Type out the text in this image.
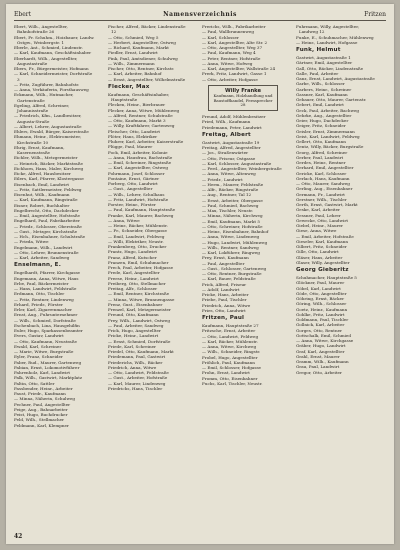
Ebert	Namensverzeichnis	Fritzen
Ebert, Wilh., Angestellter, Bahnhofstraße 26
Ebert, Fr. Schuhm., Hoizbauer, Landw. Ostgw., Weinbergstr. 1
Eberle, Ant., Schmied, Lindenstr.
— Karl, Kaufmann, Geschäftsinhaber
Eberhardt, Wilh., Angestellter, Augustastraße
Ebers, Fr., Bürgermeister, Hofmann
— Karl, Schneidermeister, Dorfstraße 3
— Fritz, Zugführer, Bahnhofstr.
— Anna, Verkäuferin, Forsthausweg
Eckmann, Wilh., Hutmacher, Gartenstraße
Egeling, Alfred, Schreiner, Johannisstraße
— Friedrich, Kfm., Landbesitzer, Augusta-Straße
— Albert, Lehrer, Augustastraße
Ehlers, Ewald, Bürger, Kaiserstraße
Ehmann, Heinr., Elektromeister, Kirchstraße 10
Ehrig, Ernst, Kaufmann, Kasernenstraße
Eichler, Wilh., Metzgermeister
— Heinrich, Bäcker, Marktstraße
Eichhorn, Hans, Maler, Kirchweg
Eicke, Alfred, Hausbesitzer
Eilers, Karl, Pfarrer, Klostergasse
Eisenbach, Emil, Landwirt
— Fritz, Sattlermeister, Feldweg
Eisenhut, Wilh., Kaufmann
— Karl, Kaufmann, Ringstraße
Eisner, Robert, Buchhalter
Engelbrecht, Otto, Dachdecker
— Emil, Angestellter, Hofstraße
Engelhard, Paul, Fabrikarbeiter
— Friedr., Schlosser, Oberstraße
— Gust., Metzger, Kirchstraße
— Hch., Eisenbahner, Schulstraße
— Frieda, Witwe
Engelmann, Wilh., Landwirt
— Otto, Lehrer, Brunnenstraße
— Karl, Arbeiter, Sandweg
Enselmann, E.
Engelhardt, Pfarrer, Kirchgasse
Engemann, Anna, Witwe, Haus
Erbe, Paul, Bäckermeister
— Hans, Landwirt, Feldstraße
Erdmann, Otto, Tischler
— Fritz, Rentner, Lindenweg
Erhard, Friedr., Förster
Erler, Karl, Zigarrenmacher
Ernst, Aug., Fuhrunternehmer
— Wilh., Schmied, Dorfstraße
Eschenbach, Lina, Hausgehilfin
Euler, Hugo, Sparkassenbeamter
Evers, Gustav, Landwirt
— Otto, Kaufmann, Neustraße
Ewald, Karl, Schreiner
— Marie, Witwe, Burgstraße
Eyler, Franz, Schneider
Faber, Rud., Maurer, Gartenweg
Fabian, Ernst, Lokomotivführer
Fahrenholz, Karl, Landwirt
Falk, Wilh., Gastwirt, Marktplatz
Faltin, Otto, Sattler
Fassbender, Heinr., Arbeiter
Faust, Friedr., Kaufmann
— Minna, Näherin, Schulweg
Fechner, Paul, Angestellter
Feige, Aug., Bahnarbeiter
Feist, Hugo, Buchdrucker
Feld, Wilh., Stellmacher
Feldmann, Karl, Klempner
Fischer, Alfred, Bäcker, Lindenstraße 12
— Otto, Schmied, Weg 5
— Herbert, Angestellter, Ostweg
— Richard, Kaufmann, Markt
Fiedler, Ernst, Landwirt
Fink, Paul, Amtsdiener, Schulweg
— Wilh., Zimmermann
Fischer, Otto, Rentner, Kirchstr.
— Karl, Arbeiter, Bahnhof
— Ernst, Angestellter, Wilhelmstraße
Flecker, Max
Kaufmann, Geschäftsinhaber, Hauptstraße
Flecken, Heinr., Bierbrauer
Flecker, Anna, Witwe, Mühlenweg
— Alfred, Rentner, Schulstraße
— Otto, Kaufmann, Markt 3
— Willy, Kraftfahrer, Gartenweg
Fleischer, Otto, Landwirt
Flöter, Hans, Elektriker
Fluhrer, Karl, Arbeiter, Kaiserstraße
Flügge, Paul, Maurer
Fock, Emil, Arbeiter, Kolonie
— Anna, Hausfrau, Bachstraße
— Emil, Schreiner, Ringstraße
— Karl, Angestellter, Ostweg
Fohrmann, Josef, Schlosser
Fontaine, Ernst, Gärtner
Forberg, Otto, Landwirt
— Gust., Angestellter
— Wilh., Lehrer, Schulhaus
— Fritz, Landwirt, Hofstraße
Forster, Heinr., Förster
— Paul, Kaufmann, Hauptstraße
Franke, Karl, Maurer, Bachweg
— Anna, Witwe
— Heinr., Bäcker, Mühlenstr.
— Fr., Schneider, Obergasse
— Emil, Landwirt, Feldweg
— Willi, Elektriker, Neustr.
Frankenberg, Otto, Drucker
Frantz, Hugo, Landwirt
Franz, Alfred, Kutscher
Franzen, Emil, Schuhmacher
Frech, Paul, Arbeiter, Hofgasse
Frede, Karl, Angestellter
Freese, Heinr., Landwirt
Freiberg, Otto, Stellmacher
Freitag, Alfr., Schlosser
— Emil, Rentner, Kirchstraße
— Minna, Witwe, Brunnengasse
Frenz, Gust., Eisenbahner
Frenzel, Karl, Metzgermeister
Freund, Otto, Kaufmann
Frey, Wilh., Landwirt, Ostweg
— Paul, Arbeiter, Sandweg
Frick, Hugo, Angestellter
Fricke, Heinr., Landwirt
— Ernst, Schmied, Dorfstraße
Friede, Karl, Schreiner
Friedel, Otto, Kaufmann, Markt
Friedemann, Paul, Gastwirt
Friederichs, Wilh., Bäcker
Friedrich, Anna, Witwe
— Otto, Landwirt, Feldstraße
— Gust., Arbeiter, Hofstraße
— Karl, Maurer, Lindenweg
Friedrichs, Hans, Tischler
Frerichs, Wilh., Fabrikarbeiter
— Paul, Wallbrunnenweg
— Karl, Schlosser
— Karl, Angestellter, Alte Str. 2
— Otto, Angestellter, Weg 37
— Paul, Kaufmann, Weg 4
— Peter, Rentner, Hofstraße
— Anna, Witwe, Hofweg
— Karl, Angestellter, Wallstraße 24
Frerk, Fritz, Landwirt, Gasse 1
— Otto, Arbeiter, Hofgasse
Willy Franke
Kaufmann, Holzhandlung und Baustoffhandel, Fernsprecher 28
Freund, Adolf, Mühlenbesitzer
Fried, Wilh., Kaufmann
Friedemann, Peter, Landwirt
Freitag, Albert
Gastwirt, Augustastraße 19
Freitag, Alfred, Angestellter
— Jos., Straßenwärter
— Otto, Friseur, Ostgasse
— Karl, Schlosser, Augustastraße
— Ferd., Angestellter, Weinbergstraße
— Anna, Witwe, Altenweg
— Friedr., Landwirt
— Herm., Maurer, Feldstraße
— Alfr., Bäcker, Ringstraße
— Aug., Rentner, Tal 12
— Ernst, Arbeiter, Obergasse
— Paul, Schmied, Bachweg
— Max, Tischler, Neustr.
— Minna, Näherin, Kirchweg
— Emil, Kaufmann, Markt 5
— Otto, Schreiner, Hofstraße
— Heinr., Eisenbahner, Bahnhof
— Anna, Witwe, Lindenweg
— Hugo, Landwirt, Mühlenweg
— Wilh., Rentner, Sandweg
— Karl, Lokführer, Ringweg
Frey, Ernst, Kaufmann
— Paul, Angestellter
— Gust., Schlosser, Gartenweg
— Otto, Rentner, Burgstraße
— Karl, Bauer, Feldstraße
Frick, Alfred, Friseur
— Adolf, Landwirt
Fricke, Hans, Arbeiter
Friebe, Paul, Tischler
Friedrich, Anna, Witwe
Fries, Otto, Landwirt
Fritzen, Paul
Kaufmann, Hauptstraße 27
Fritzsche, Ernst, Arbeiter
— Otto, Landwirt, Feldweg
— Karl, Bäcker, Mühlenstr.
— Anna, Witwe, Kirchweg
— Wilh., Schneider, Ringstr.
Frobel, Hugo, Angestellter
Fröhlich, Paul, Kaufmann
— Emil, Schlosser, Hofgasse
Frohn, Ernst, Landwirt
Fromm, Otto, Eisenbahner
Fuchs, Karl, Tischler, Neustr.
Fuhrmann, Willy, Angestellter, Landweg 12
Funke, E., Schuhmacher, Mühlenweg
— Heinr., Landwirt, Hofgasse
Funk, Helmut
Gastwirt, Augustastraße 1
Gärtner, Emil, Angestellter
Gall, Otto, Bäcker, Lindenstraße
Galle, Paul, Arbeiter
Ganz, Ernst, Landwirt, Augustastraße
Garbe, Wilh., Schlosser
Garbers, Heinr., Schreiner
Gassner, Karl, Kaufmann
Gebauer, Otto, Maurer, Gartenstr.
Gebert, Emil, Landwirt
Geck, Paul, Arbeiter, Bachweg
Gehrke, Aug., Angestellter
Geier, Hugo, Dachdecker
Geiger, Fritz, Schneider
Geisler, Ernst, Zimmermann
Geist, Karl, Landwirt, Feldweg
Gellert, Otto, Kaufmann
Gentz, Willy, Bäcker, Burgstraße
Georg, Alfred, Schreiner
Gerber, Paul, Landwirt
Gerdes, Heinr., Rentner
Gerhard, Emil, Angestellter
Gericke, Karl, Schlosser
Gerlach, Hans, Kaufmann
— Otto, Maurer, Sandweg
Gerling, Aug., Eisenbahner
Germann, Fr., Landwirt
Gerstner, Wilh., Tischler
Gerth, Ernst, Gastwirt, Markt
Geske, Karl, Arbeiter
Gessner, Paul, Lehrer
Gewecke, Otto, Landwirt
Giebel, Heinr., Maurer
Giese, Anna, Witwe
— Emil, Arbeiter, Hofstraße
Gieseler, Karl, Kaufmann
Gilbert, Fritz, Schneider
Gille, Otto, Landwirt
Gläser, Hans, Arbeiter
Glaser, Willy, Angestellter
Georg Gieberitz
Schuhmacher, Hauptstraße 5
Glöckner, Paul, Maurer
Göbel, Karl, Landwirt
Göde, Otto, Angestellter
Göhring, Ernst, Bäcker
Göring, Wilh., Schlosser
Goetz, Heinr., Kaufmann
Gohlke, Fritz, Landwirt
Goldmann, Paul, Tischler
Gollnick, Karl, Arbeiter
Gorges, Otto, Rentner
Gottschalk, Emil, Schmied
— Anna, Witwe, Kirchgasse
Gräber, Hugo, Landwirt
Graf, Karl, Angestellter
Grahl, Ernst, Maurer
Gramm, Wilh., Kaufmann
Grau, Paul, Landwirt
Gregor, Otto, Arbeiter
42
